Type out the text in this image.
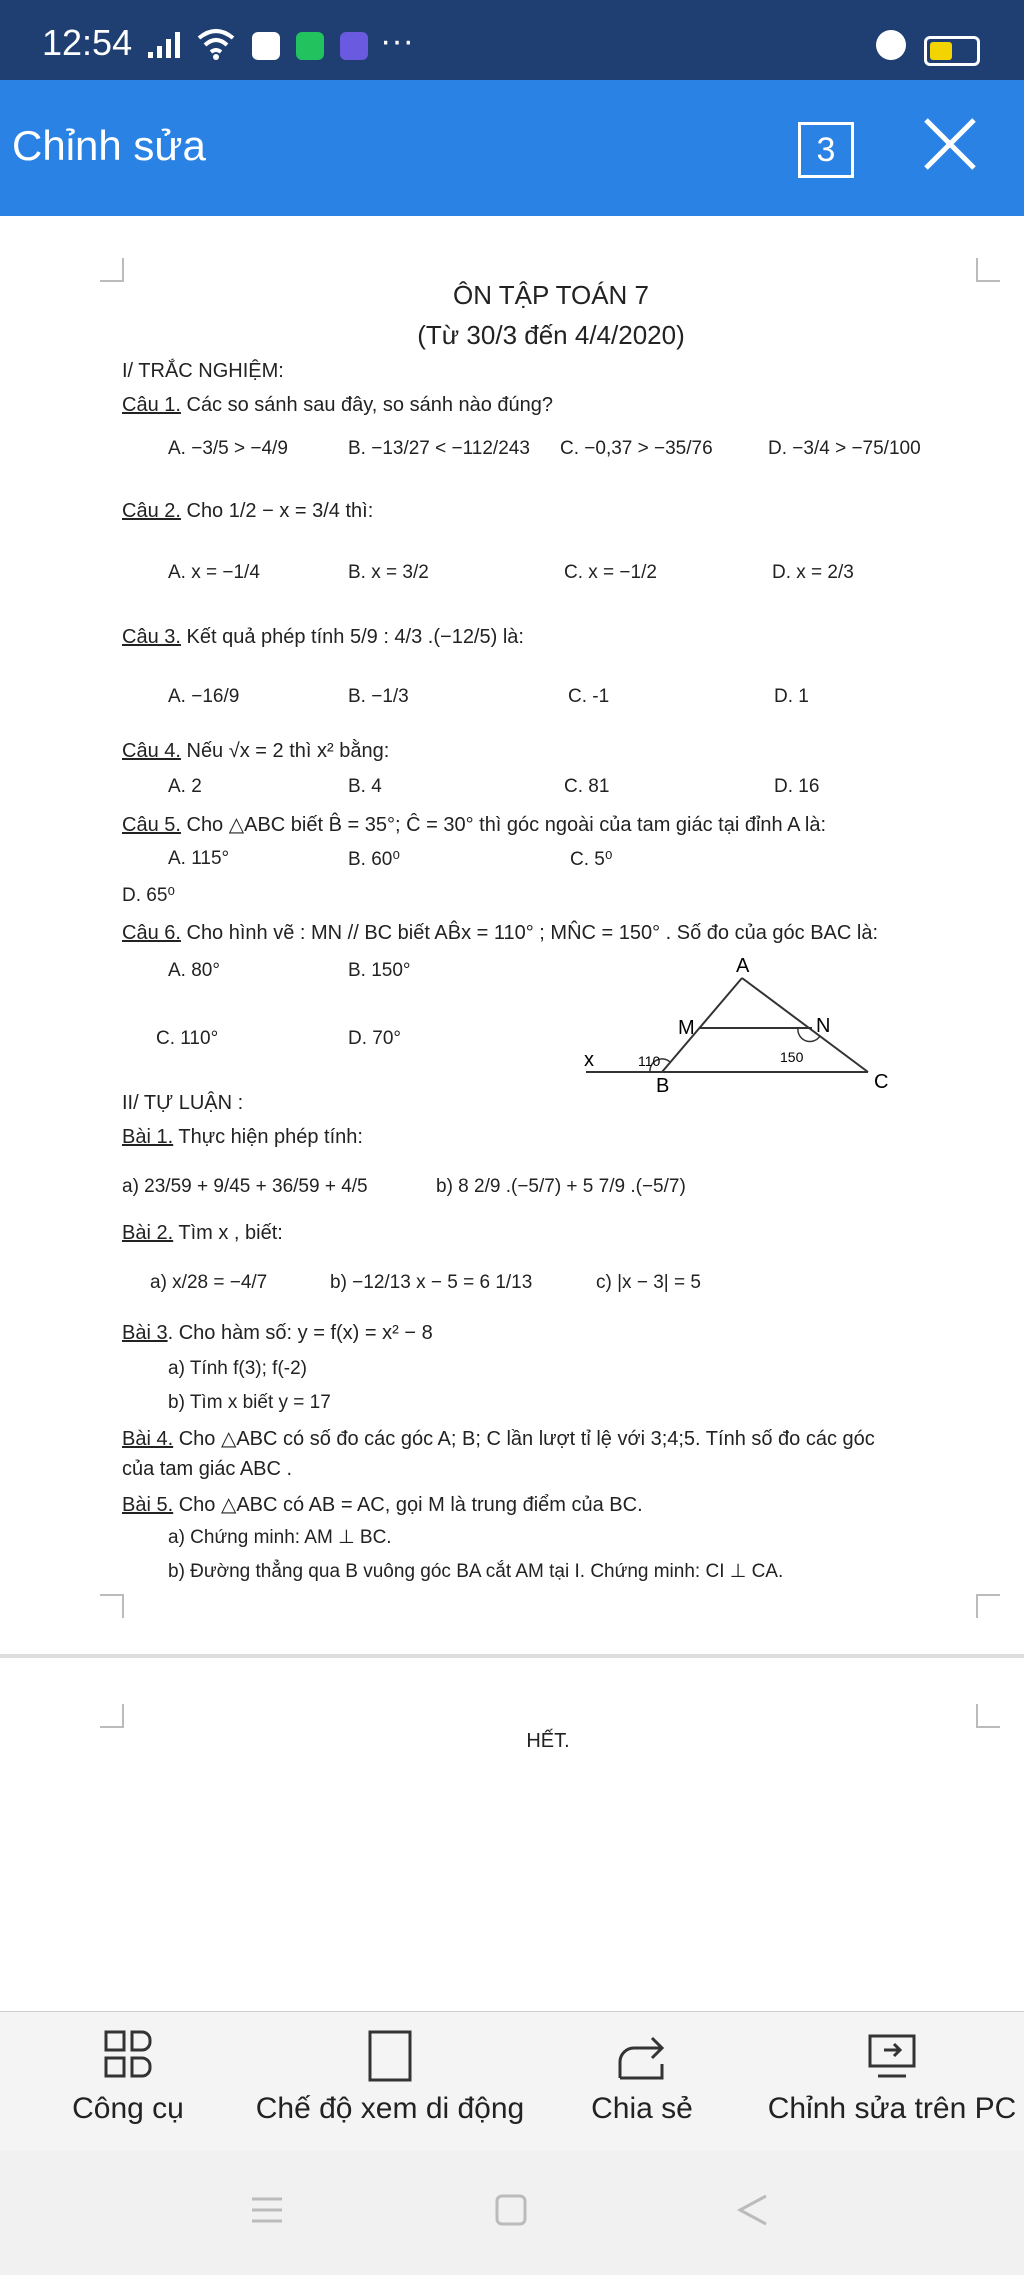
12:54	···
Chỉnh sửa	3
ÔN TẬP TOÁN 7
(Từ 30/3 đến 4/4/2020)
I/ TRẮC NGHIỆM:
Câu 1. Các so sánh sau đây, so sánh nào đúng?
A. −3/5 > −4/9	B. −13/27 < −112/243 C. −0,37 > −35/76	D. −3/4 > −75/100
Câu 2. Cho 1/2 − x = 3/4 thì:
A. x = −1/4	B. x = 3/2	C. x = −1/2	D. x = 2/3
Câu 3. Kết quả phép tính 5/9 : 4/3 .(−12/5) là:
A. −16/9	B. −1/3	C. -1	D. 1
Câu 4. Nếu √x = 2 thì x² bằng:
A. 2	B. 4	C. 81	D. 16
Câu 5. Cho △ABC biết B̂ = 35°; Ĉ = 30° thì góc ngoài của tam giác tại đỉnh A là:
A. 115°	B. 60⁰	C. 5⁰
D. 65⁰
Câu 6. Cho hình vẽ : MN // BC biết AB̂x = 110° ; MN̂C = 150° . Số đo của góc BAC là:
A. 80°	B. 150°
C. 110°	D. 70°
A
M	N
x
B	C
110	150
II/ TỰ LUẬN :
Bài 1. Thực hiện phép tính:
a) 23/59 + 9/45 + 36/59 + 4/5	b) 8 2/9 .(−5/7) + 5 7/9 .(−5/7)
Bài 2. Tìm x , biết:
a) x/28 = −4/7	b) −12/13 x − 5 = 6 1/13	c) |x − 3| = 5
Bài 3. Cho hàm số: y = f(x) = x² − 8
a) Tính f(3); f(-2)
b) Tìm x biết y = 17
Bài 4. Cho △ABC có số đo các góc A; B; C lần lượt tỉ lệ với 3;4;5. Tính số đo các góc
của tam giác ABC .
Bài 5. Cho △ABC có AB = AC, gọi M là trung điểm của BC.
a) Chứng minh: AM ⊥ BC.
b) Đường thẳng qua B vuông góc BA cắt AM tại I. Chứng minh: CI ⊥ CA.
HẾT.
Công cụ	Chế độ xem di động	Chia sẻ	Chỉnh sửa trên PC
